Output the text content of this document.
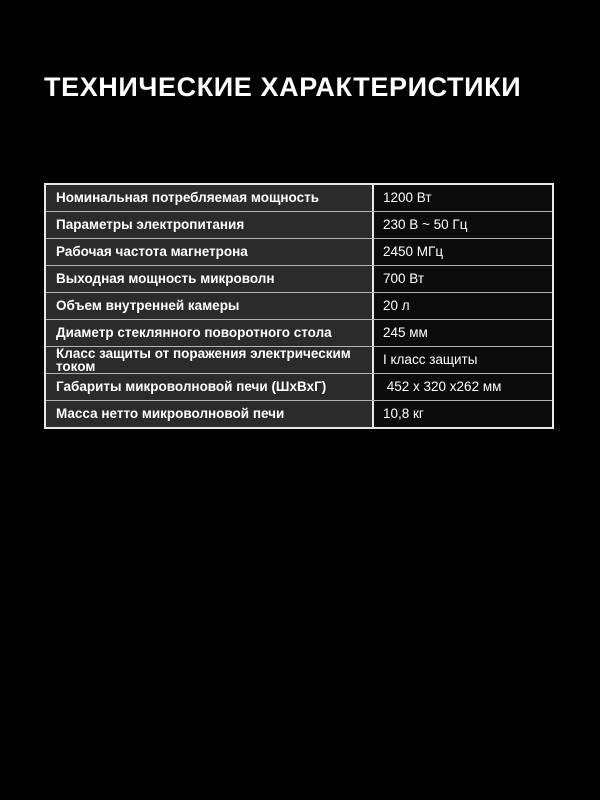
ТЕХНИЧЕСКИЕ ХАРАКТЕРИСТИКИ
Номинальная потребляемая мощность	1200 Вт
Параметры электропитания	230 В ~ 50 Гц
Рабочая частота магнетрона	2450 МГц
Выходная мощность микроволн	700 Вт
Объем внутренней камеры	20 л
Диаметр стеклянного поворотного стола	245 мм
Класс защиты от поражения электрическим током	I класс защиты
Габариты микроволновой печи (ШхВхГ)	452 х 320 х262 мм
Масса нетто микроволновой печи	10,8 кг
